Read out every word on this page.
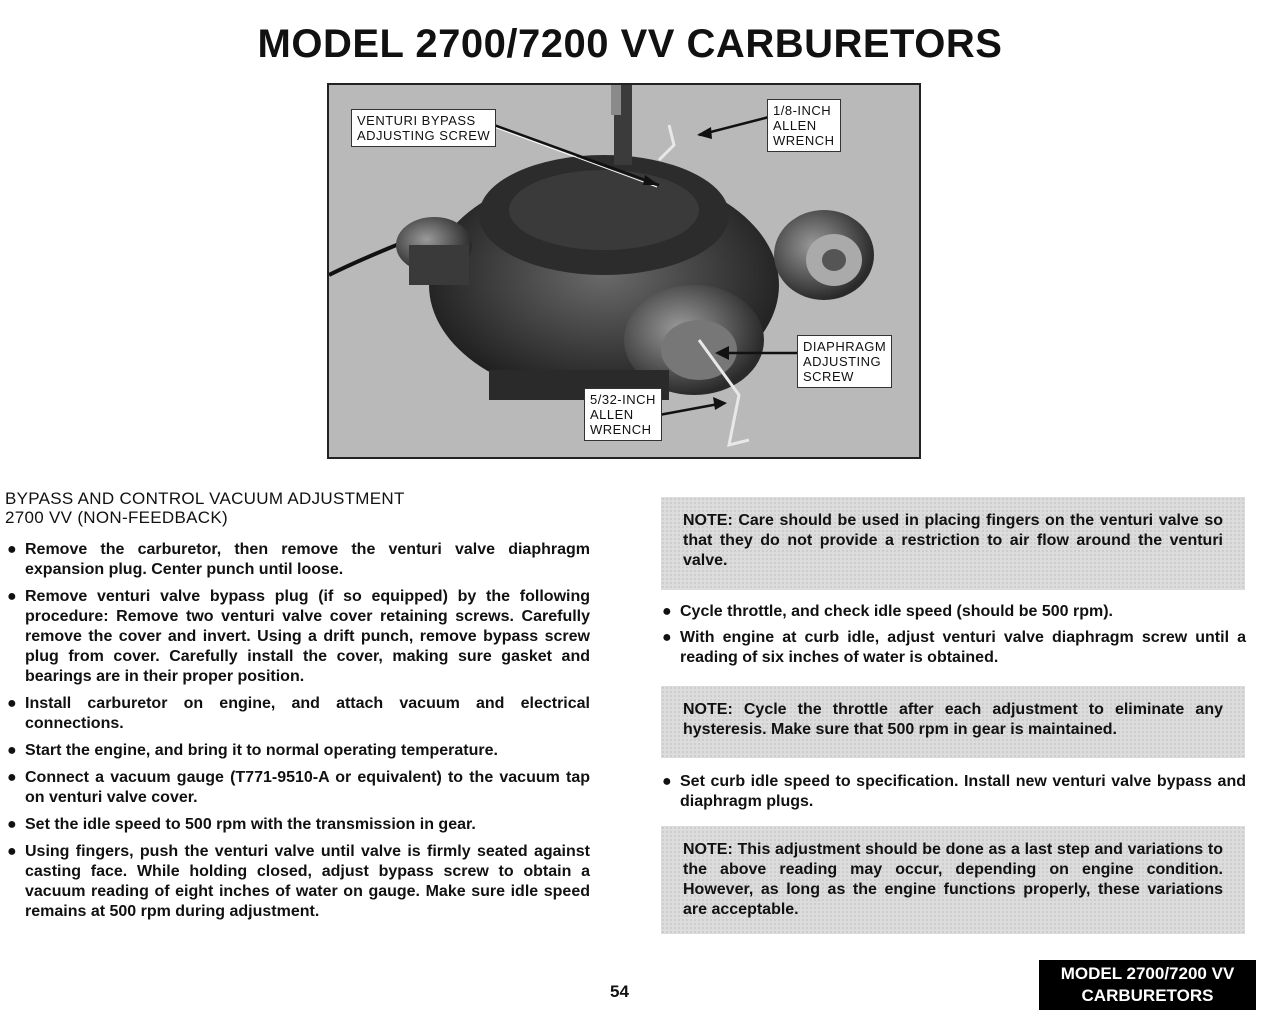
MODEL 2700/7200 VV CARBURETORS
VENTURI BYPASS
ADJUSTING SCREW
1/8-INCH
ALLEN
WRENCH
DIAPHRAGM
ADJUSTING
SCREW
5/32-INCH
ALLEN
WRENCH
BYPASS AND CONTROL VACUUM ADJUSTMENT
2700 VV (NON-FEEDBACK)
● Remove the carburetor, then remove the venturi valve diaphragm expansion plug. Center punch until loose.
● Remove venturi valve bypass plug (if so equipped) by the following procedure: Remove two venturi valve cover retaining screws. Carefully remove the cover and invert. Using a drift punch, remove bypass screw plug from cover. Carefully install the cover, making sure gasket and bearings are in their proper position.
● Install carburetor on engine, and attach vacuum and electrical connections.
● Start the engine, and bring it to normal operating temperature.
● Connect a vacuum gauge (T771-9510-A or equivalent) to the vacuum tap on venturi valve cover.
● Set the idle speed to 500 rpm with the transmission in gear.
● Using fingers, push the venturi valve until valve is firmly seated against casting face. While holding closed, adjust bypass screw to obtain a vacuum reading of eight inches of water on gauge. Make sure idle speed remains at 500 rpm during adjustment.
NOTE: Care should be used in placing fingers on the venturi valve so that they do not provide a restriction to air flow around the venturi valve.
● Cycle throttle, and check idle speed (should be 500 rpm).
● With engine at curb idle, adjust venturi valve diaphragm screw until a reading of six inches of water is obtained.
NOTE: Cycle the throttle after each adjustment to eliminate any hysteresis. Make sure that 500 rpm in gear is maintained.
● Set curb idle speed to specification. Install new venturi valve bypass and diaphragm plugs.
NOTE: This adjustment should be done as a last step and variations to the above reading may occur, depending on engine condition. However, as long as the engine functions properly, these variations are acceptable.
54
MODEL 2700/7200 VV
CARBURETORS
